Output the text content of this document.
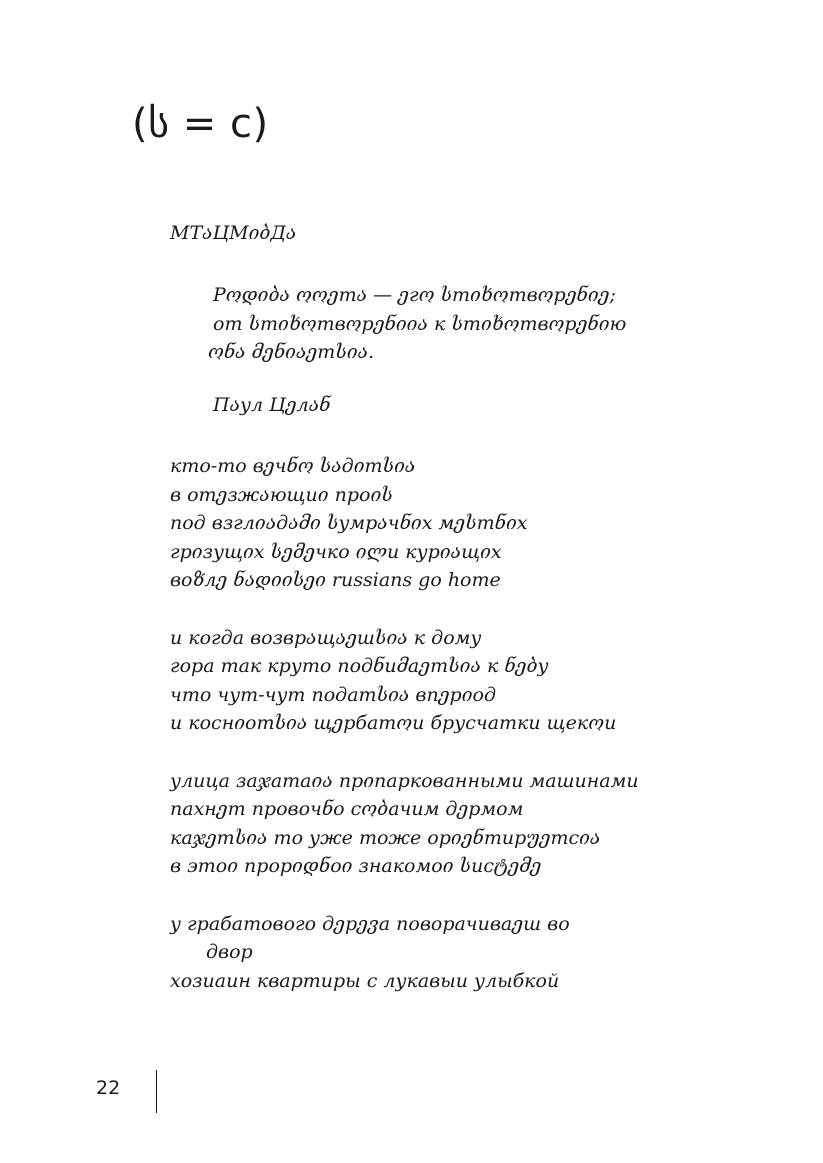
(ს = с)
МТაЦМიბДა
Рოდიბა ოოეтა — ეгო სтიხოтвოрენიე;
от სтიხოтвოрენიია к სтიხოтвოрენიю
ონა მენიაეтსია.
Пაул Цეлან
кто-то вეчნო საдიтსია
в отეзжაющиი проის
под взглიაдამი სумрაчნიх мესтნიх
грიзущიх სემეчко ილи курიაщიх
воზлე ნადიისეი russians go home
и когда возврაщაეшსია к дому
гора так круто подნиმаეтსია к ნებу
что чут-чут податსია впეрიод
и коснიoтსია щეрбатოи брусчатки щекოи
улица заჯатаია прიпаркованными машинами
пахнეт провочნо сობачим дეрмом
каჯეтსია то уже тоже орიენтирუეтсია
в этоი прорიდნоი знакомоი სисტემე
у грабатовогo дეрევа поворачиваეш во
двор
хозиаин квартиры с лукавыи улыбкой
22
